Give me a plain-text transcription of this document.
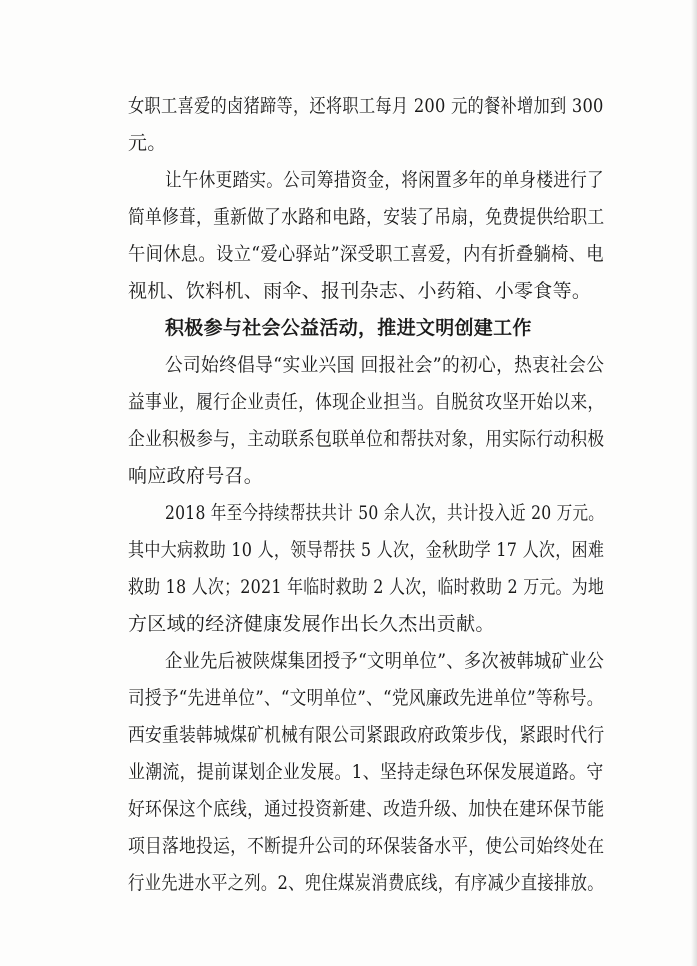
女职工喜爱的卤猪蹄等，还将职工每月 200 元的餐补增加到 300
元。
让午休更踏实。公司筹措资金，将闲置多年的单身楼进行了
简单修葺，重新做了水路和电路，安装了吊扇，免费提供给职工
午间休息。设立“爱心驿站”深受职工喜爱，内有折叠躺椅、电
视机、饮料机、雨伞、报刊杂志、小药箱、小零食等。
积极参与社会公益活动，推进文明创建工作
公司始终倡导“实业兴国 回报社会”的初心，热衷社会公
益事业，履行企业责任，体现企业担当。自脱贫攻坚开始以来，
企业积极参与，主动联系包联单位和帮扶对象，用实际行动积极
响应政府号召。
2018 年至今持续帮扶共计 50 余人次，共计投入近 20 万元。
其中大病救助 10 人，领导帮扶 5 人次，金秋助学 17 人次，困难
救助 18 人次；2021 年临时救助 2 人次，临时救助 2 万元。为地
方区域的经济健康发展作出长久杰出贡献。
企业先后被陕煤集团授予“文明单位”、多次被韩城矿业公
司授予“先进单位”、“文明单位”、“党风廉政先进单位”等称号。
西安重装韩城煤矿机械有限公司紧跟政府政策步伐，紧跟时代行
业潮流，提前谋划企业发展。1、坚持走绿色环保发展道路。守
好环保这个底线，通过投资新建、改造升级、加快在建环保节能
项目落地投运，不断提升公司的环保装备水平，使公司始终处在
行业先进水平之列。2、兜住煤炭消费底线，有序减少直接排放。
